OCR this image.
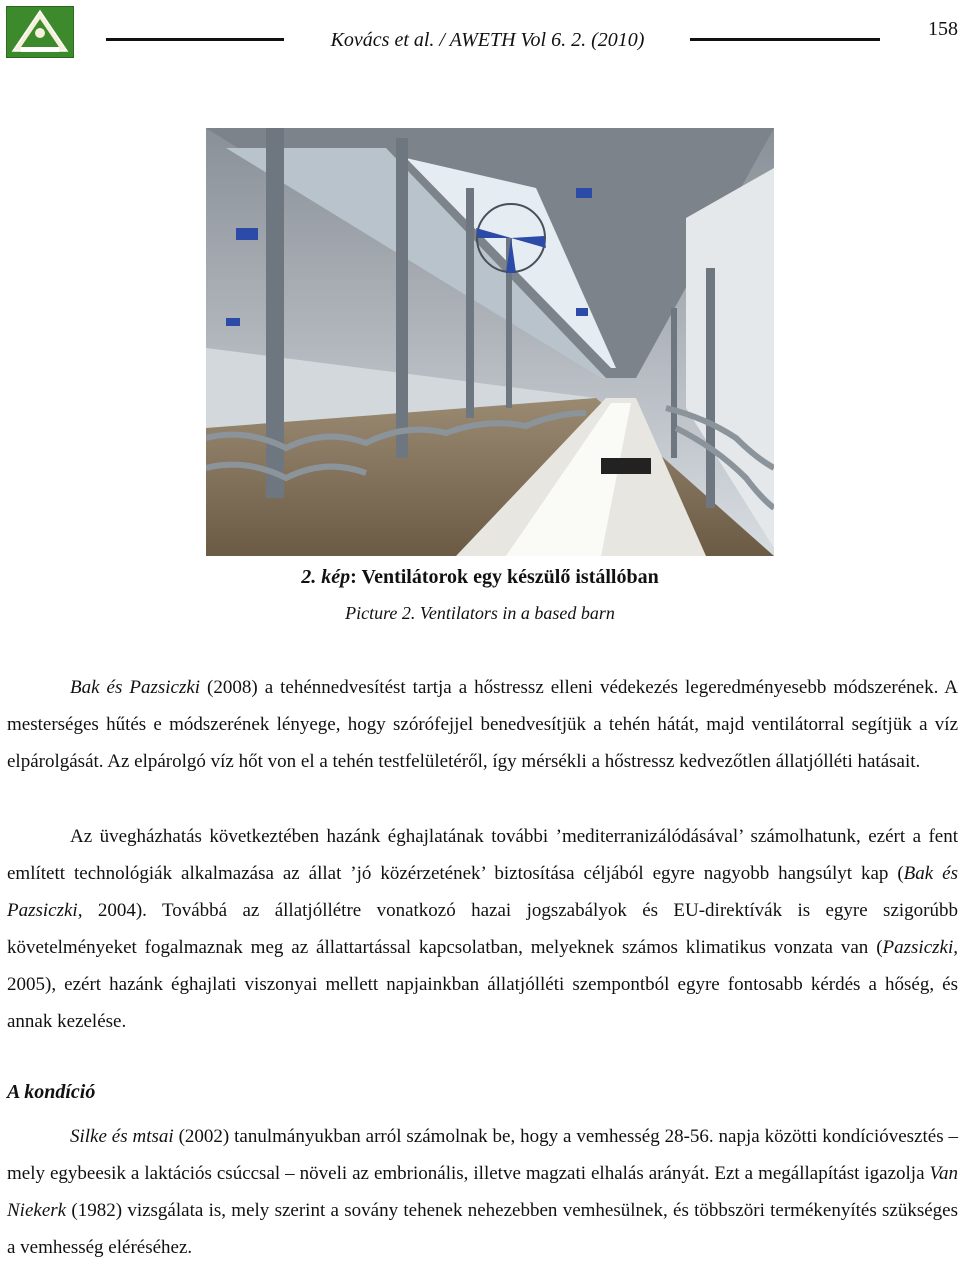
Kovács et al. / AWETH Vol 6. 2. (2010)	158
2. kép: Ventilátorok egy készülő istállóban
Picture 2. Ventilators in a based barn

Bak és Pazsiczki (2008) a tehénnedvesítést tartja a hőstressz elleni védekezés legeredményesebb módszerének. A mesterséges hűtés e módszerének lényege, hogy szórófejjel benedvesítjük a tehén hátát, majd ventilátorral segítjük a víz elpárolgását. Az elpárolgó víz hőt von el a tehén testfelületéről, így mérsékli a hőstressz kedvezőtlen állatjólléti hatásait.

Az üvegházhatás következtében hazánk éghajlatának további ’mediterranizálódásával’ számolhatunk, ezért a fent említett technológiák alkalmazása az állat ’jó közérzetének’ biztosítása céljából egyre nagyobb hangsúlyt kap (Bak és Pazsiczki, 2004). Továbbá az állatjóllétre vonatkozó hazai jogszabályok és EU-direktívák is egyre szigorúbb követelményeket fogalmaznak meg az állattartással kapcsolatban, melyeknek számos klimatikus vonzata van (Pazsiczki, 2005), ezért hazánk éghajlati viszonyai mellett napjainkban állatjólléti szempontból egyre fontosabb kérdés a hőség, és annak kezelése.

A kondíció

Silke és mtsai (2002) tanulmányukban arról számolnak be, hogy a vemhesség 28-56. napja közötti kondícióvesztés – mely egybeesik a laktációs csúccsal – növeli az embrionális, illetve magzati elhalás arányát. Ezt a megállapítást igazolja Van Niekerk (1982) vizsgálata is, mely szerint a sovány tehenek nehezebben vemhesülnek, és többszöri termékenyítés szükséges a vemhesség eléréséhez.
